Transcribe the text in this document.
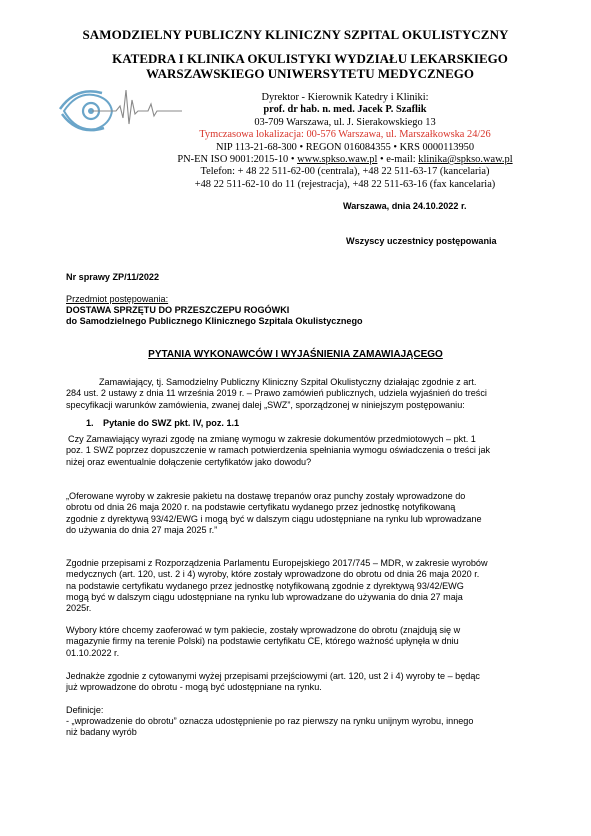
SAMODZIELNY PUBLICZNY KLINICZNY SZPITAL OKULISTYCZNY
KATEDRA I KLINIKA OKULISTYKI WYDZIAŁU LEKARSKIEGO
WARSZAWSKIEGO UNIWERSYTETU MEDYCZNEGO
Dyrektor - Kierownik Katedry i Kliniki:
prof. dr hab. n. med. Jacek P. Szaflik
03-709 Warszawa, ul. J. Sierakowskiego 13
Tymczasowa lokalizacja: 00-576 Warszawa, ul. Marszałkowska 24/26
NIP 113-21-68-300 • REGON 016084355 • KRS 0000113950
PN-EN ISO 9001:2015-10 • www.spkso.waw.pl • e-mail: klinika@spkso.waw.pl
Telefon: + 48 22 511-62-00 (centrala), +48 22 511-63-17 (kancelaria)
+48 22 511-62-10 do 11 (rejestracja), +48 22 511-63-16 (fax kancelaria)
Warszawa, dnia 24.10.2022 r.
Wszyscy uczestnicy postępowania
Nr sprawy ZP/11/2022
Przedmiot postępowania:
DOSTAWA SPRZĘTU DO PRZESZCZEPU ROGÓWKI
do Samodzielnego Publicznego Klinicznego Szpitala Okulistycznego
PYTANIA WYKONAWCÓW I WYJAŚNIENIA ZAMAWIAJĄCEGO
Zamawiający, tj. Samodzielny Publiczny Kliniczny Szpital Okulistyczny działając zgodnie z art.
284 ust. 2 ustawy z dnia 11 września 2019 r. – Prawo zamówień publicznych, udziela wyjaśnień do treści
specyfikacji warunków zamówienia, zwanej dalej „SWZ”, sporządzonej w niniejszym postępowaniu:
1. Pytanie do SWZ pkt. IV, poz. 1.1
Czy Zamawiający wyrazi zgodę na zmianę wymogu w zakresie dokumentów przedmiotowych – pkt. 1
poz. 1 SWZ poprzez dopuszczenie w ramach potwierdzenia spełniania wymogu oświadczenia o treści jak
niżej oraz ewentualnie dołączenie certyfikatów jako dowodu?
„Oferowane wyroby w zakresie pakietu na dostawę trepanów oraz punchy zostały wprowadzone do
obrotu od dnia 26 maja 2020 r. na podstawie certyfikatu wydanego przez jednostkę notyfikowaną
zgodnie z dyrektywą 93/42/EWG i mogą być w dalszym ciągu udostępniane na rynku lub wprowadzane
do używania do dnia 27 maja 2025 r.”
Zgodnie przepisami z Rozporządzenia Parlamentu Europejskiego 2017/745 – MDR, w zakresie wyrobów
medycznych (art. 120, ust. 2 i 4) wyroby, które zostały wprowadzone do obrotu od dnia 26 maja 2020 r.
na podstawie certyfikatu wydanego przez jednostkę notyfikowaną zgodnie z dyrektywą 93/42/EWG
mogą być w dalszym ciągu udostępniane na rynku lub wprowadzane do używania do dnia 27 maja
2025r.
Wybory które chcemy zaoferować w tym pakiecie, zostały wprowadzone do obrotu (znajdują się w
magazynie firmy na terenie Polski) na podstawie certyfikatu CE, którego ważność upłynęła w dniu
01.10.2022 r.
Jednakże zgodnie z cytowanymi wyżej przepisami przejściowymi (art. 120, ust 2 i 4) wyroby te – będąc
już wprowadzone do obrotu - mogą być udostępniane na rynku.
Definicje:
- „wprowadzenie do obrotu” oznacza udostępnienie po raz pierwszy na rynku unijnym wyrobu, innego
niż badany wyrób
